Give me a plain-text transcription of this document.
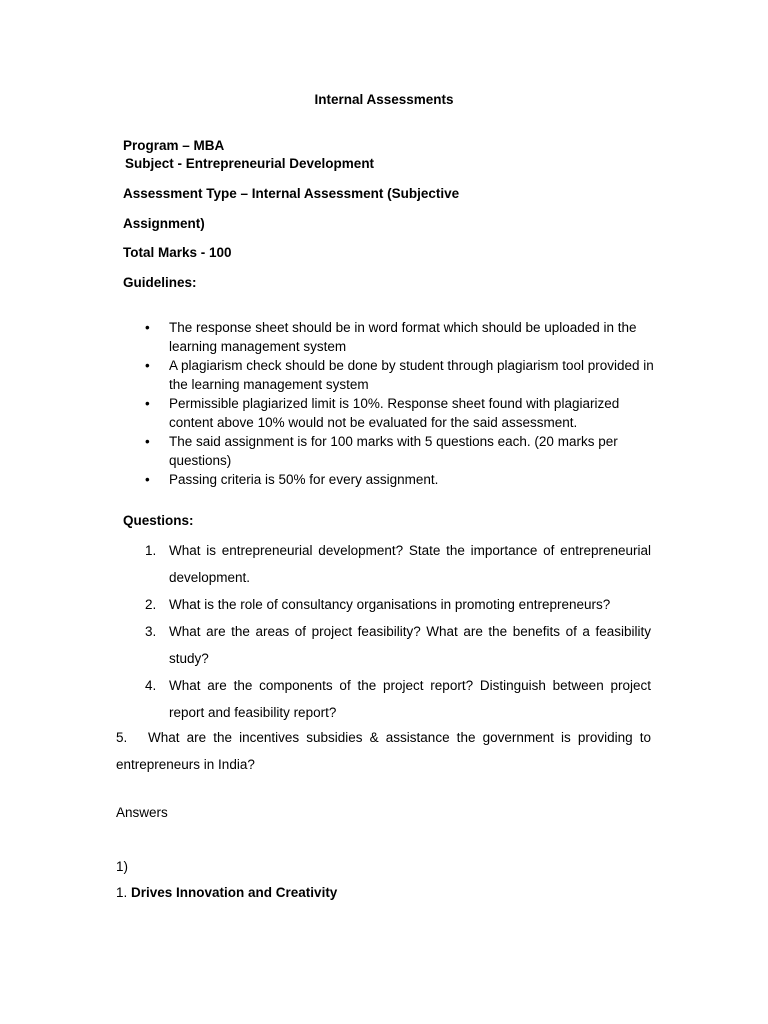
Internal Assessments
Program – MBA
Subject - Entrepreneurial Development
Assessment Type – Internal Assessment (Subjective
Assignment)
Total Marks - 100
Guidelines:
• The response sheet should be in word format which should be uploaded in the learning management system
• A plagiarism check should be done by student through plagiarism tool provided in the learning management system
• Permissible plagiarized limit is 10%. Response sheet found with plagiarized content above 10% would not be evaluated for the said assessment.
• The said assignment is for 100 marks with 5 questions each. (20 marks per questions)
• Passing criteria is 50% for every assignment.
Questions:
1. What is entrepreneurial development? State the importance of entrepreneurial development.
2. What is the role of consultancy organisations in promoting entrepreneurs?
3. What are the areas of project feasibility? What are the benefits of a feasibility study?
4. What are the components of the project report? Distinguish between project report and feasibility report?
5. What are the incentives subsidies & assistance the government is providing to entrepreneurs in India?
Answers
1)
1. Drives Innovation and Creativity
